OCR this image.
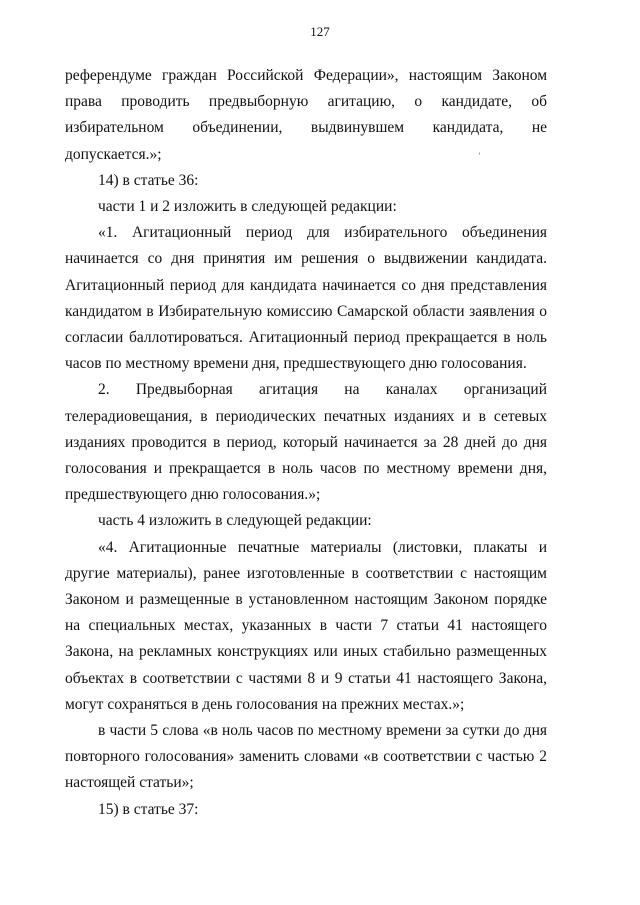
127

референдуме граждан Российской Федерации», настоящим Законом права проводить предвыборную агитацию, о кандидате, об избирательном объединении, выдвинувшем кандидата, не допускается.»;

14) в статье 36:

части 1 и 2 изложить в следующей редакции:

«1. Агитационный период для избирательного объединения начинается со дня принятия им решения о выдвижении кандидата. Агитационный период для кандидата начинается со дня представления кандидатом в Избирательную комиссию Самарской области заявления о согласии баллотироваться. Агитационный период прекращается в ноль часов по местному времени дня, предшествующего дню голосования.

2. Предвыборная агитация на каналах организаций телерадиовещания, в периодических печатных изданиях и в сетевых изданиях проводится в период, который начинается за 28 дней до дня голосования и прекращается в ноль часов по местному времени дня, предшествующего дню голосования.»;

часть 4 изложить в следующей редакции:

«4. Агитационные печатные материалы (листовки, плакаты и другие материалы), ранее изготовленные в соответствии с настоящим Законом и размещенные в установленном настоящим Законом порядке на специальных местах, указанных в части 7 статьи 41 настоящего Закона, на рекламных конструкциях или иных стабильно размещенных объектах в соответствии с частями 8 и 9 статьи 41 настоящего Закона, могут сохраняться в день голосования на прежних местах.»;

в части 5 слова «в ноль часов по местному времени за сутки до дня повторного голосования» заменить словами «в соответствии с частью 2 настоящей статьи»;

15) в статье 37:

ʼ
